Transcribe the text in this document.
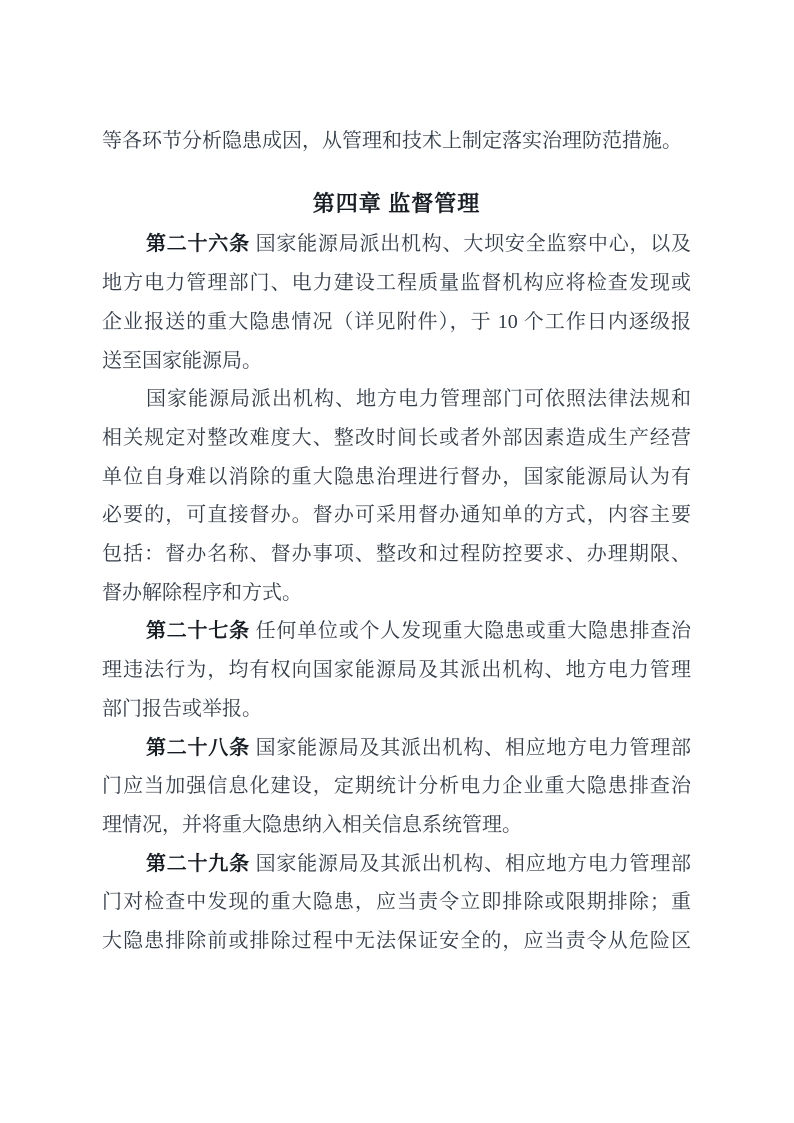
等各环节分析隐患成因，从管理和技术上制定落实治理防范措施。
第四章 监督管理
第二十六条 国家能源局派出机构、大坝安全监察中心，以及
地方电力管理部门、电力建设工程质量监督机构应将检查发现或
企业报送的重大隐患情况（详见附件），于 10 个工作日内逐级报
送至国家能源局。
国家能源局派出机构、地方电力管理部门可依照法律法规和
相关规定对整改难度大、整改时间长或者外部因素造成生产经营
单位自身难以消除的重大隐患治理进行督办，国家能源局认为有
必要的，可直接督办。督办可采用督办通知单的方式，内容主要
包括：督办名称、督办事项、整改和过程防控要求、办理期限、
督办解除程序和方式。
第二十七条 任何单位或个人发现重大隐患或重大隐患排查治
理违法行为，均有权向国家能源局及其派出机构、地方电力管理
部门报告或举报。
第二十八条 国家能源局及其派出机构、相应地方电力管理部
门应当加强信息化建设，定期统计分析电力企业重大隐患排查治
理情况，并将重大隐患纳入相关信息系统管理。
第二十九条 国家能源局及其派出机构、相应地方电力管理部
门对检查中发现的重大隐患，应当责令立即排除或限期排除；重
大隐患排除前或排除过程中无法保证安全的，应当责令从危险区
